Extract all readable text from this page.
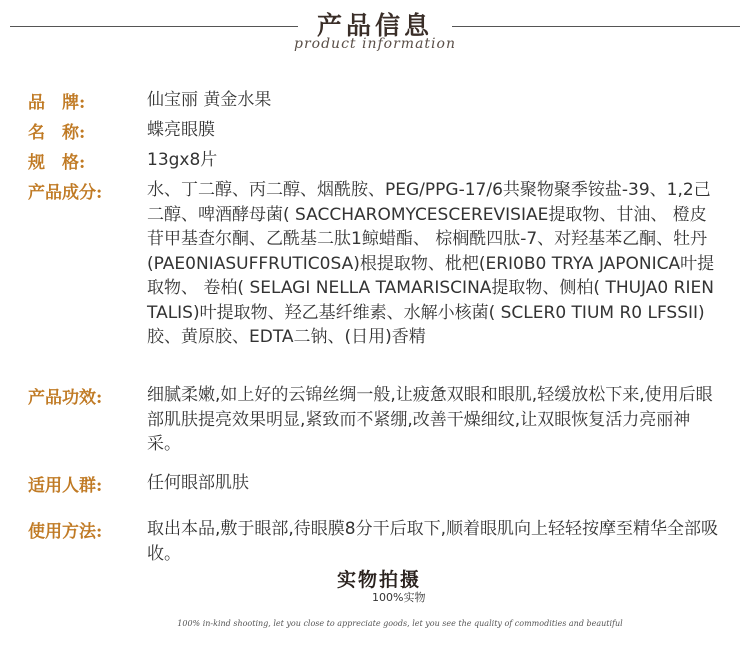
产品信息
product information
品　牌:	仙宝丽 黄金水果
名　称:	蝶亮眼膜
规　格:	13gx8片
产品成分:	水、丁二醇、丙二醇、烟酰胺、PEG/PPG-17/6共聚物聚季铵盐-39、1,2己二醇、啤酒酵母菌( SACCHAROMYCESCEREVISIAE提取物、甘油、 橙皮苷甲基查尔酮、乙酰基二肽1鲸蜡酯、 棕榈酰四肽-7、对羟基苯乙酮、牡丹(PAE0NIASUFFRUTIC0SA)根提取物、枇杷(ERI0B0 TRYA JAPONICA叶提取物、 卷柏( SELAGI NELLA TAMARISCINA提取物、侧柏( THUJA0 RIENTALIS)叶提取物、羟乙基纤维素、水解小核菌( SCLER0 TIUM R0 LFSSII)胶、黄原胶、EDTA二钠、(日用)香精
产品功效:	细腻柔嫩,如上好的云锦丝绸一般,让疲惫双眼和眼肌,轻缓放松下来,使用后眼部肌肤提亮效果明显,紧致而不紧绷,改善干燥细纹,让双眼恢复活力亮丽神采。
适用人群:	任何眼部肌肤
使用方法:	取出本品,敷于眼部,待眼膜8分干后取下,顺着眼肌向上轻轻按摩至精华全部吸收。
实物拍摄
100%实物
100% in-kind shooting, let you close to appreciate goods, let you see the quality of commodities and beautiful
